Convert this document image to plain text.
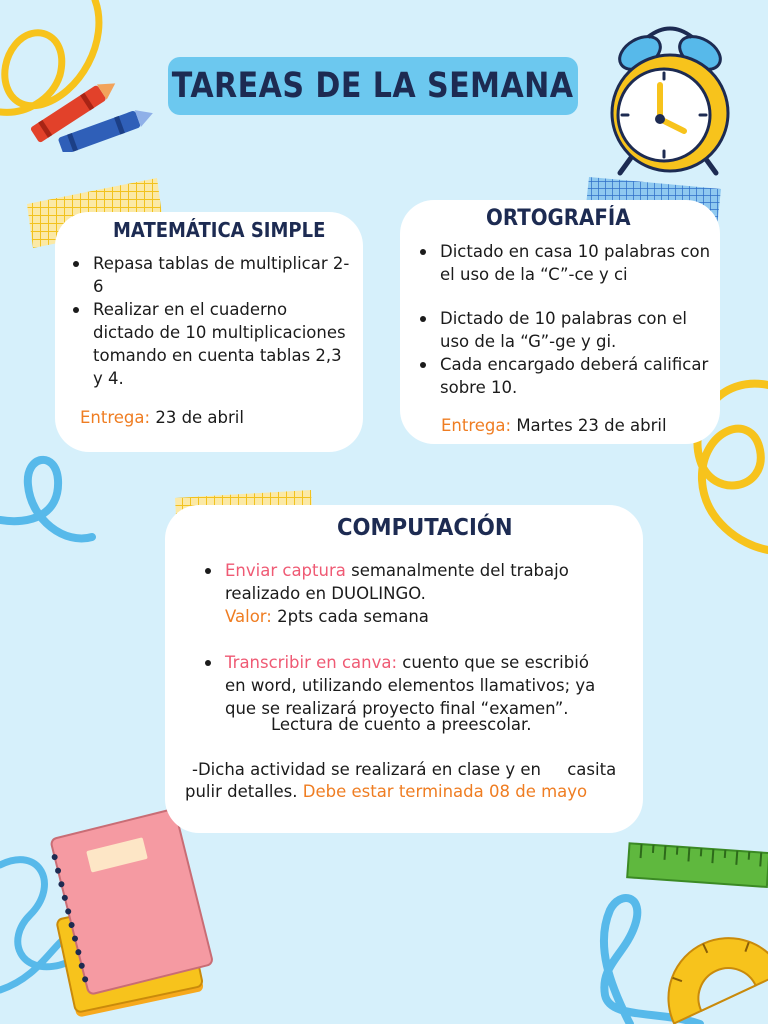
TAREAS DE LA SEMANA
MATEMÁTICA SIMPLE
Repasa tablas de multiplicar 2-6
Realizar en el cuaderno dictado de 10 multiplicaciones tomando en cuenta tablas 2,3 y 4.
Entrega: 23 de abril
ORTOGRAFÍA
Dictado en casa 10 palabras con el uso de la “C”-ce y ci
Dictado de 10 palabras con el uso de la “G”-ge y gi.
Cada encargado deberá calificar sobre 10.
Entrega: Martes 23 de abril
COMPUTACIÓN
Enviar captura semanalmente del trabajo realizado en DUOLINGO.
Valor: 2pts cada semana
Transcribir en canva: cuento que se escribió en word, utilizando elementos llamativos; ya que se realizará proyecto final “examen”.
Lectura de cuento a preescolar.
-Dicha actividad se realizará en clase y en     casita
pulir detalles. Debe estar terminada 08 de mayo
